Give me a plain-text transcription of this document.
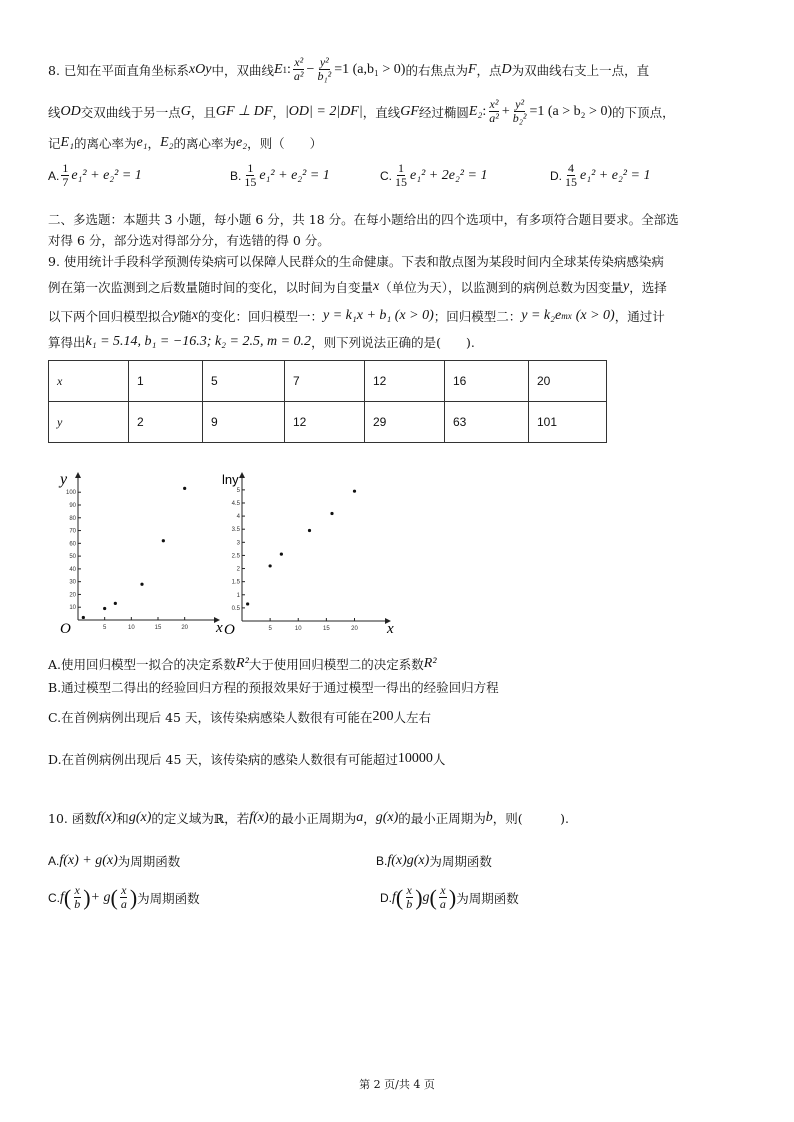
8. 已知在平面直角坐标系 xOy 中，双曲线 E 1 : $\frac{\text{x²}}{\text{a²}} - \frac{\text{y²}}{\text{b₁²}} =1$ (a,b₁ > 0) 的右焦点为 F ，点 D 为双曲线右支上一点，直
线 OD 交双曲线于另一点 G ，且 GF ⊥ DF ， |OD| = 2|DF| ，直线 GF 经过椭圆 E₂ : $\frac{\text{x²}}{\text{a²}} + \frac{\text{y²}}{\text{b₂²}} =1$ (a > b₂ > 0) 的下顶点，
记 E₁ 的离心率为 e₁ ， E₂ 的离心率为 e₂ ，则（　　）
A. $\frac{1}{7} e_1^2 + e_2^2 = 1$	B. $\frac{1}{15} e_1^2 + e_2^2 = 1$	C. $\frac{1}{15} e_1^2 + 2e_2^2 = 1$	D. $\frac{4}{15} e_1^2 + e_2^2 = 1$
二、多选题：本题共 3 小题，每小题 6 分，共 18 分。在每小题给出的四个选项中，有多项符合题目要求。全部选
对得 6 分，部分选对得部分分，有选错的得 0 分。
9. 使用统计手段科学预测传染病可以保障人民群众的生命健康。下表和散点图为某段时间内全球某传染病感染病
例在第一次监测到之后数量随时间的变化，以时间为自变量 x （单位为天），以监测到的病例总数为因变量 y ，选择
以下两个回归模型拟合 y 随 x 的变化：回归模型一： y = k₁x + b₁ (x > 0) ；回归模型二： y = k₂e mx
(x > 0) ，通过计
算得出 k₁ = 5.14, b₁ = −16.3; k₂ = 2.5, m = 0.2 ，则下列说法正确的是(　　).
x	1	5	7	12	16	20
y	2	9	12	29	63	101
5	10	15	20
10
20
30
40
50
60
70
80
90
100
O	x
y
5	10	15	20
0.5
1
1.5
2
2.5
3
3.5
4
4.5
5
O	x
lny
A.使用回归模型一拟合的决定系数 R² 大于使用回归模型二的决定系数 R²
B.通过模型二得出的经验回归方程的预报效果好于通过模型一得出的经验回归方程
C.在首例病例出现后 45 天，该传染病感染人数很有可能在 200 人左右
D.在首例病例出现后 45 天，该传染病的感染人数很有可能超过 10000 人
10. 函数 f(x) 和 g(x) 的定义域为ℝ，若 f(x) 的最小正周期为 a ， g(x) 的最小正周期为 b ，则(　　　).
A. f(x) + g(x) 为周期函数	B. f(x)g(x) 为周期函数
C. f ( $\frac{x}{b}$ ) + g ( $\frac{x}{a}$ ) 为周期函数	D. f ( $\frac{x}{b}$ ) g ( $\frac{x}{a}$ ) 为周期函数
第 2 页/共 4 页
